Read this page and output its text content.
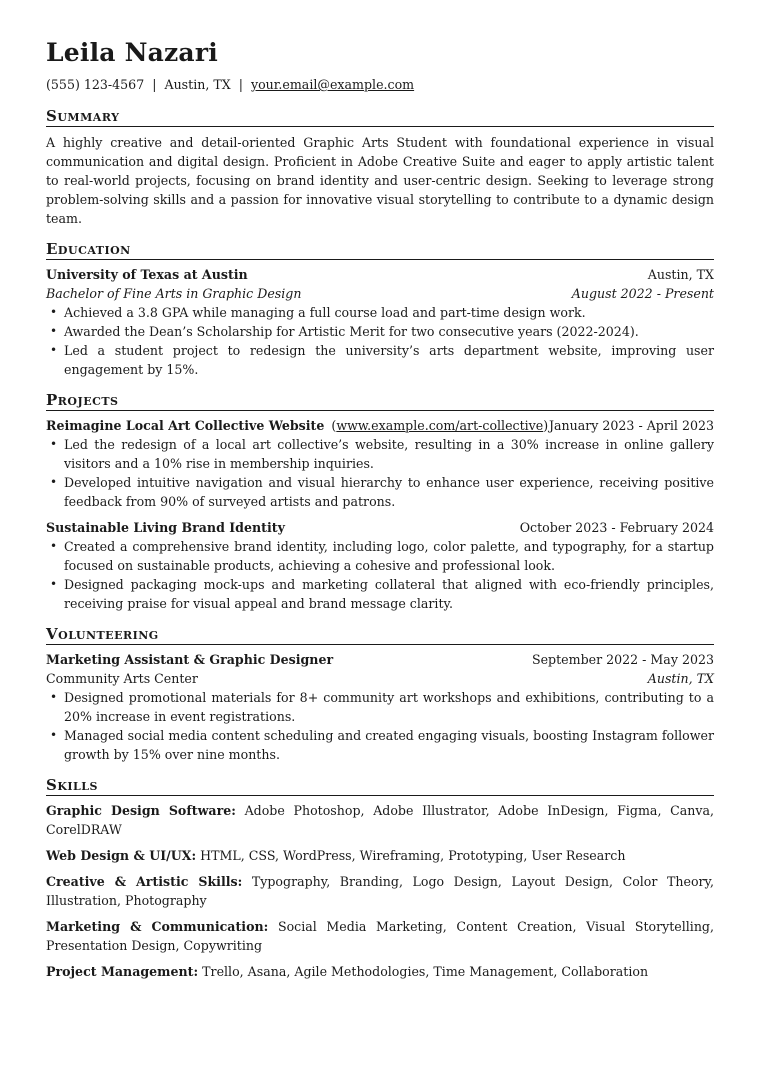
Leila Nazari
(555) 123-4567 | Austin, TX | your.email@example.com
Summary

A highly creative and detail-oriented Graphic Arts Student with foundational experience in visual communication and digital design. Proficient in Adobe Creative Suite and eager to apply artistic talent to real-world projects, focusing on brand identity and user-centric design. Seeking to leverage strong problem-solving skills and a passion for innovative visual storytelling to contribute to a dynamic design team.

Education
University of Texas at Austin	Austin, TX
Bachelor of Fine Arts in Graphic Design	August 2022 - Present
• Achieved a 3.8 GPA while managing a full course load and part-time design work.
• Awarded the Dean’s Scholarship for Artistic Merit for two consecutive years (2022-2024).
• Led a student project to redesign the university’s arts department website, improving user engagement by 15%.
Projects
Reimagine Local Art Collective Website (www.example.com/art-collective) January 2023 - April 2023
• Led the redesign of a local art collective’s website, resulting in a 30% increase in online gallery visitors and a 10% rise in membership inquiries.
• Developed intuitive navigation and visual hierarchy to enhance user experience, receiving positive feedback from 90% of surveyed artists and patrons.
Sustainable Living Brand Identity	October 2023 - February 2024
• Created a comprehensive brand identity, including logo, color palette, and typography, for a startup focused on sustainable products, achieving a cohesive and professional look.
• Designed packaging mock-ups and marketing collateral that aligned with eco-friendly principles, receiving praise for visual appeal and brand message clarity.
Volunteering
Marketing Assistant & Graphic Designer	September 2022 - May 2023
Community Arts Center	Austin, TX
• Designed promotional materials for 8+ community art workshops and exhibitions, contributing to a 20% increase in event registrations.
• Managed social media content scheduling and created engaging visuals, boosting Instagram follower growth by 15% over nine months.
Skills

Graphic Design Software: Adobe Photoshop, Adobe Illustrator, Adobe InDesign, Figma, Canva, CorelDRAW

Web Design & UI/UX: HTML, CSS, WordPress, Wireframing, Prototyping, User Research

Creative & Artistic Skills: Typography, Branding, Logo Design, Layout Design, Color Theory, Illustration, Photography

Marketing & Communication: Social Media Marketing, Content Creation, Visual Storytelling, Presentation Design, Copywriting

Project Management: Trello, Asana, Agile Methodologies, Time Management, Collaboration
